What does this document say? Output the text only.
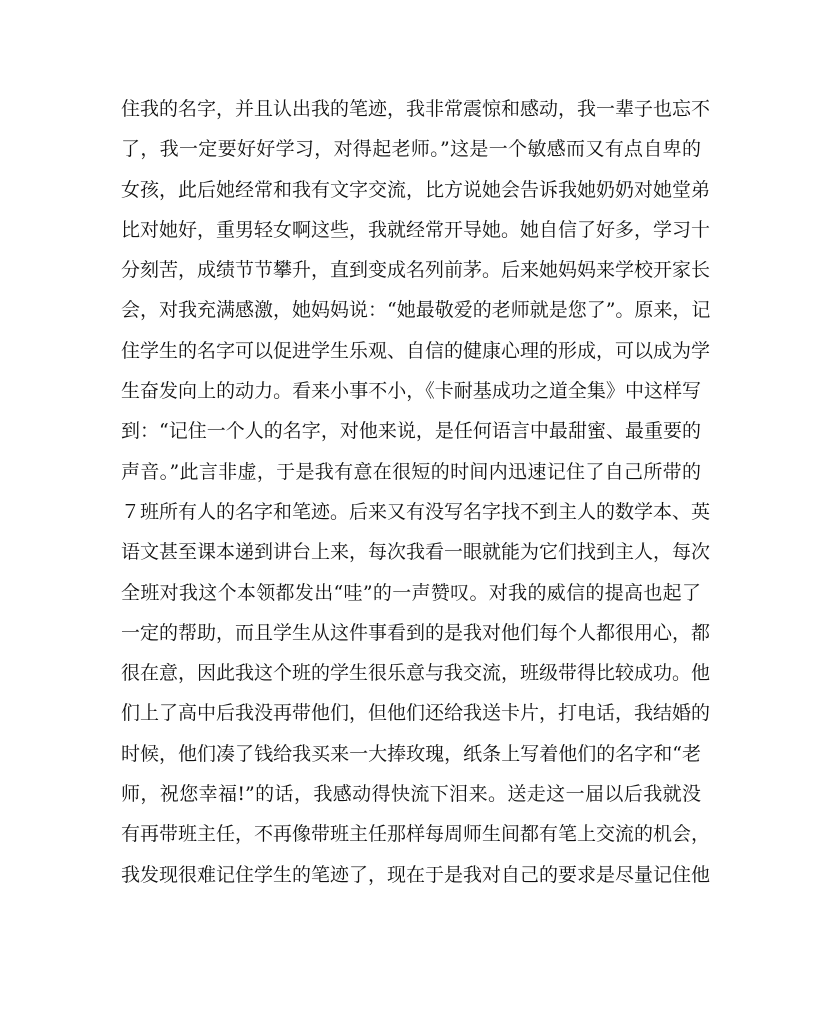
住我的名字，并且认出我的笔迹，我非常震惊和感动，我一辈子也忘不
了，我一定要好好学习，对得起老师。”这是一个敏感而又有点自卑的
女孩，此后她经常和我有文字交流，比方说她会告诉我她奶奶对她堂弟
比对她好，重男轻女啊这些，我就经常开导她。她自信了好多，学习十
分刻苦，成绩节节攀升，直到变成名列前茅。后来她妈妈来学校开家长
会，对我充满感激，她妈妈说：“她最敬爱的老师就是您了”。原来，记
住学生的名字可以促进学生乐观、自信的健康心理的形成，可以成为学
生奋发向上的动力。看来小事不小，《卡耐基成功之道全集》中这样写
到：“记住一个人的名字，对他来说，是任何语言中最甜蜜、最重要的
声音。”此言非虚，于是我有意在很短的时间内迅速记住了自己所带的
７班所有人的名字和笔迹。后来又有没写名字找不到主人的数学本、英
语文甚至课本递到讲台上来，每次我看一眼就能为它们找到主人，每次
全班对我这个本领都发出“哇”的一声赞叹。对我的威信的提高也起了
一定的帮助，而且学生从这件事看到的是我对他们每个人都很用心，都
很在意，因此我这个班的学生很乐意与我交流，班级带得比较成功。他
们上了高中后我没再带他们，但他们还给我送卡片，打电话，我结婚的
时候，他们凑了钱给我买来一大捧玫瑰，纸条上写着他们的名字和“老
师，祝您幸福!”的话，我感动得快流下泪来。送走这一届以后我就没
有再带班主任，不再像带班主任那样每周师生间都有笔上交流的机会，
我发现很难记住学生的笔迹了，现在于是我对自己的要求是尽量记住他
